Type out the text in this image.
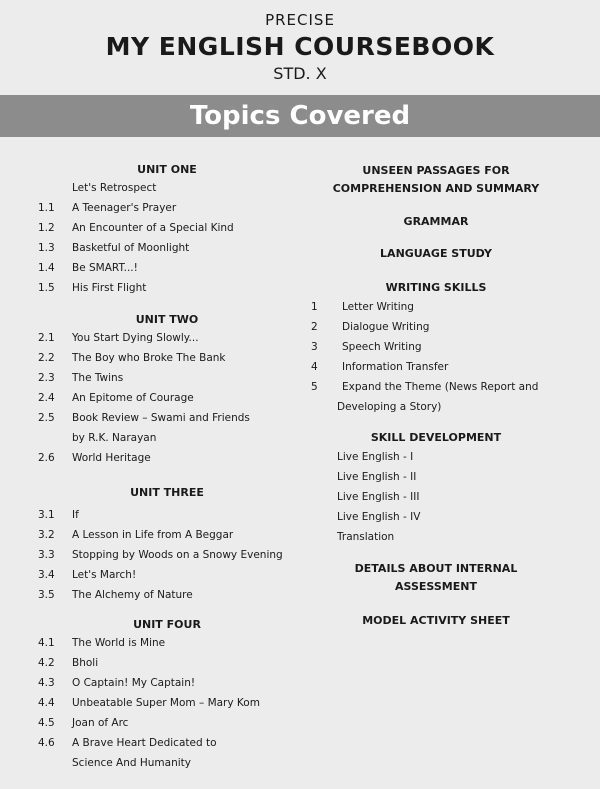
PRECISE
MY ENGLISH COURSEBOOK
STD. X
Topics Covered
UNIT ONE
Let's Retrospect
1.1	A Teenager's Prayer
1.2	An Encounter of a Special Kind
1.3	Basketful of Moonlight
1.4	Be SMART...!
1.5	His First Flight
UNIT TWO
2.1	You Start Dying Slowly...
2.2	The Boy who Broke The Bank
2.3	The Twins
2.4	An Epitome of Courage
2.5	Book Review – Swami and Friends
by R.K. Narayan
2.6	World Heritage
UNIT THREE
3.1	If
3.2	A Lesson in Life from A Beggar
3.3	Stopping by Woods on a Snowy Evening
3.4	Let's March!
3.5	The Alchemy of Nature
UNIT FOUR
4.1	The World is Mine
4.2	Bholi
4.3	O Captain! My Captain!
4.4	Unbeatable Super Mom – Mary Kom
4.5	Joan of Arc
4.6	A Brave Heart Dedicated to
Science And Humanity
UNSEEN PASSAGES FOR
COMPREHENSION AND SUMMARY
GRAMMAR
LANGUAGE STUDY
WRITING SKILLS
1	Letter Writing
2	Dialogue Writing
3	Speech Writing
4	Information Transfer
5	Expand the Theme (News Report and
Developing a Story)
SKILL DEVELOPMENT
Live English - I
Live English - II
Live English - III
Live English - IV
Translation
DETAILS ABOUT INTERNAL
ASSESSMENT
MODEL ACTIVITY SHEET
